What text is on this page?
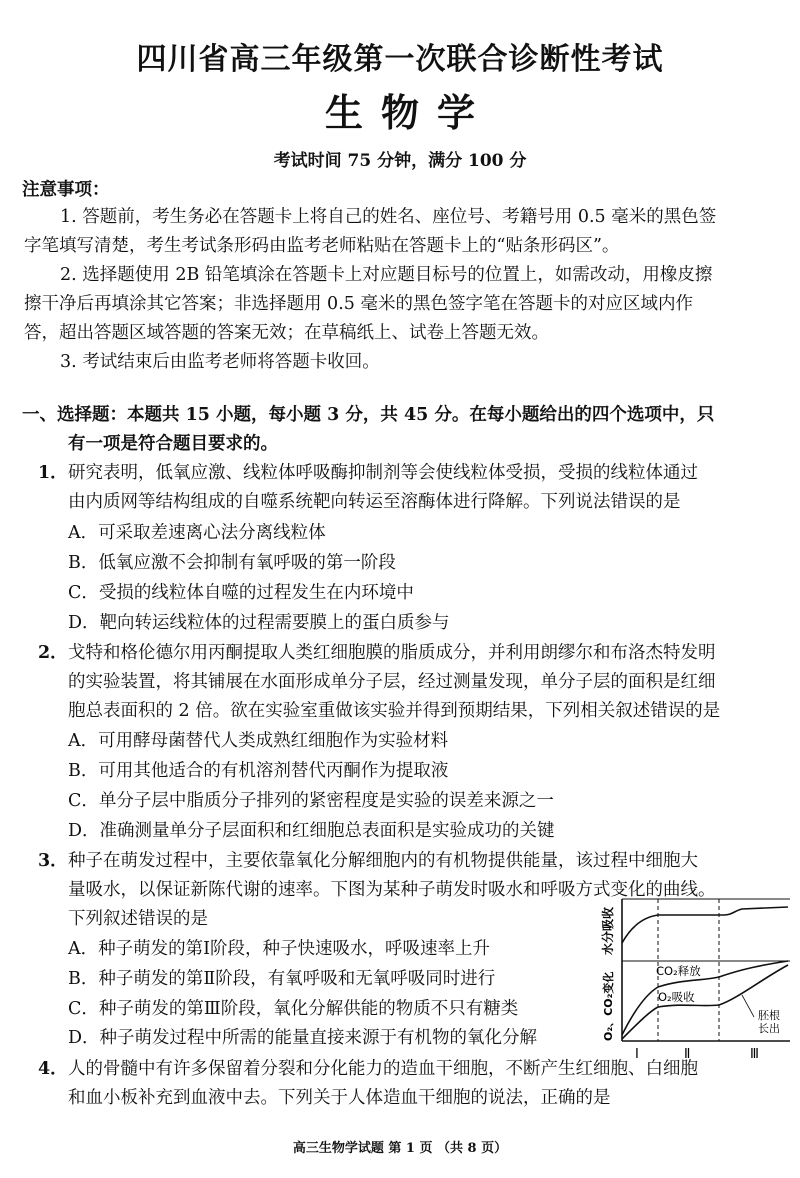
四川省高三年级第一次联合诊断性考试
生物学
考试时间 75 分钟，满分 100 分
注意事项：
1. 答题前，考生务必在答题卡上将自己的姓名、座位号、考籍号用 0.5 毫米的黑色签
字笔填写清楚，考生考试条形码由监考老师粘贴在答题卡上的“贴条形码区”。
2. 选择题使用 2B 铅笔填涂在答题卡上对应题目标号的位置上，如需改动，用橡皮擦
擦干净后再填涂其它答案；非选择题用 0.5 毫米的黑色签字笔在答题卡的对应区域内作
答，超出答题区域答题的答案无效；在草稿纸上、试卷上答题无效。
3. 考试结束后由监考老师将答题卡收回。
一、选择题：本题共 15 小题，每小题 3 分，共 45 分。在每小题给出的四个选项中，只
有一项是符合题目要求的。
1． 研究表明，低氧应激、线粒体呼吸酶抑制剂等会使线粒体受损，受损的线粒体通过
由内质网等结构组成的自噬系统靶向转运至溶酶体进行降解。下列说法错误的是
A．可采取差速离心法分离线粒体
B．低氧应激不会抑制有氧呼吸的第一阶段
C．受损的线粒体自噬的过程发生在内环境中
D．靶向转运线粒体的过程需要膜上的蛋白质参与
2． 戈特和格伦德尔用丙酮提取人类红细胞膜的脂质成分，并利用朗缪尔和布洛杰特发明
的实验装置，将其铺展在水面形成单分子层，经过测量发现，单分子层的面积是红细
胞总表面积的 2 倍。欲在实验室重做该实验并得到预期结果，下列相关叙述错误的是
A．可用酵母菌替代人类成熟红细胞作为实验材料
B．可用其他适合的有机溶剂替代丙酮作为提取液
C．单分子层中脂质分子排列的紧密程度是实验的误差来源之一
D．准确测量单分子层面积和红细胞总表面积是实验成功的关键
3． 种子在萌发过程中，主要依靠氧化分解细胞内的有机物提供能量，该过程中细胞大
量吸水，以保证新陈代谢的速率。下图为某种子萌发时吸水和呼吸方式变化的曲线。
下列叙述错误的是
A．种子萌发的第Ⅰ阶段，种子快速吸水，呼吸速率上升
B．种子萌发的第Ⅱ阶段，有氧呼吸和无氧呼吸同时进行
C．种子萌发的第Ⅲ阶段，氧化分解供能的物质不只有糖类
D．种子萌发过程中所需的能量直接来源于有机物的氧化分解
水分吸收
O₂、CO₂变化
CO₂释放
O₂吸收
胚根
长出
Ⅰ	Ⅱ	Ⅲ
4． 人的骨髓中有许多保留着分裂和分化能力的造血干细胞，不断产生红细胞、白细胞
和血小板补充到血液中去。下列关于人体造血干细胞的说法，正确的是
高三生物学试题 第 1 页 （共 8 页）
